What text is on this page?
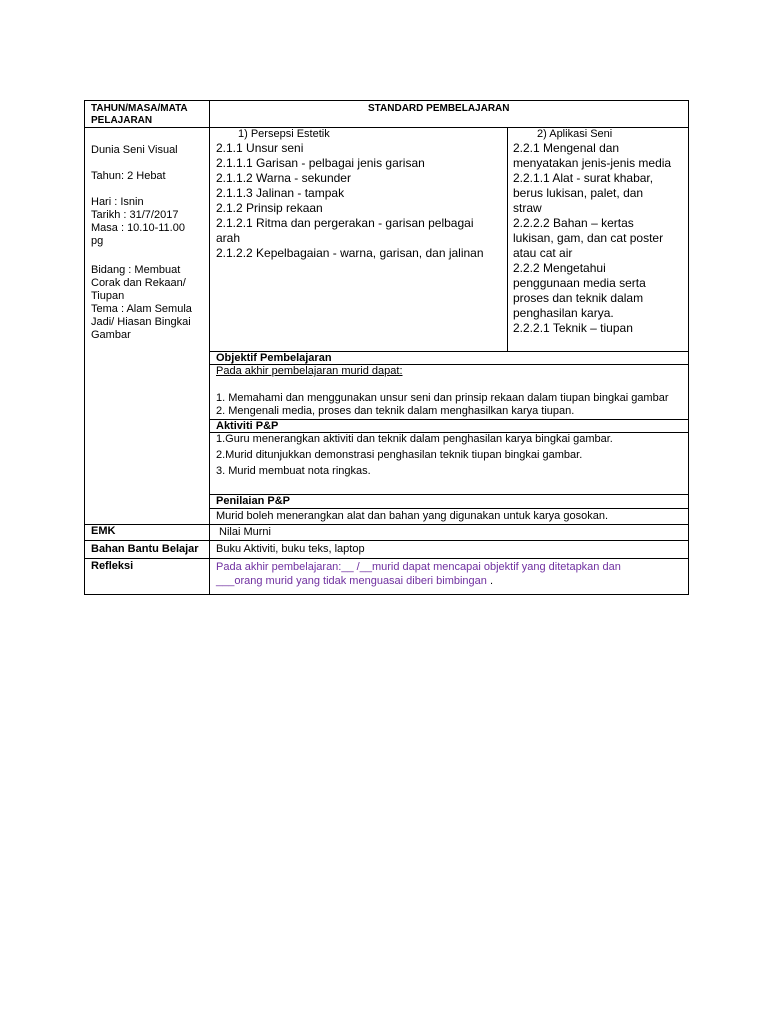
TAHUN/MASA/MATA
PELAJARAN
STANDARD PEMBELAJARAN
Dunia Seni Visual
Tahun: 2 Hebat
Hari : Isnin
Tarikh : 31/7/2017
Masa : 10.10-11.00
pg
Bidang : Membuat
Corak dan Rekaan/
Tiupan
Tema : Alam Semula
Jadi/ Hiasan Bingkai
Gambar
1) Persepsi Estetik
2.1.1 Unsur seni
2.1.1.1 Garisan - pelbagai jenis garisan
2.1.1.2 Warna - sekunder
2.1.1.3 Jalinan - tampak
2.1.2 Prinsip rekaan
2.1.2.1 Ritma dan pergerakan - garisan pelbagai
arah
2.1.2.2 Kepelbagaian - warna, garisan, dan jalinan
2) Aplikasi Seni
2.2.1 Mengenal dan
menyatakan jenis-jenis media
2.2.1.1 Alat - surat khabar,
berus lukisan, palet, dan
straw
2.2.2.2 Bahan – kertas
lukisan, gam, dan cat poster
atau cat air
2.2.2 Mengetahui
penggunaan media serta
proses dan teknik dalam
penghasilan karya.
2.2.2.1 Teknik – tiupan
Objektif Pembelajaran
Pada akhir pembelajaran murid dapat:
1. Memahami dan menggunakan unsur seni dan prinsip rekaan dalam tiupan bingkai gambar
2. Mengenali media, proses dan teknik dalam menghasilkan karya tiupan.
Aktiviti P&P
1.Guru menerangkan aktiviti dan teknik dalam penghasilan karya bingkai gambar.
2.Murid ditunjukkan demonstrasi penghasilan teknik tiupan bingkai gambar.
3. Murid membuat nota ringkas.
Penilaian P&P
Murid boleh menerangkan alat dan bahan yang digunakan untuk karya gosokan.
EMK	Nilai Murni
Bahan Bantu Belajar Buku Aktiviti, buku teks, laptop
Refleksi	Pada akhir pembelajaran:__ /__murid dapat mencapai objektif yang ditetapkan dan
___orang murid yang tidak menguasai diberi bimbingan .
